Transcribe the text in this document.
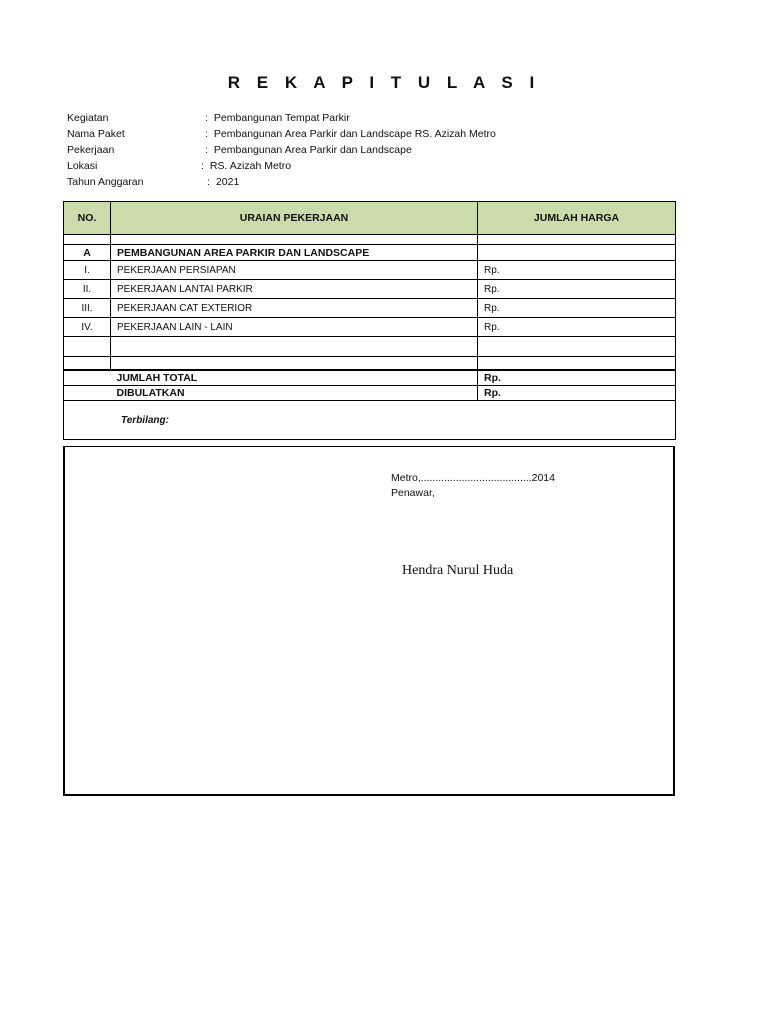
R E K A P I T U L A S I
Kegiatan	: Pembangunan Tempat Parkir
Nama Paket	: Pembangunan Area Parkir dan Landscape RS. Azizah Metro
Pekerjaan	: Pembangunan Area Parkir dan Landscape
Lokasi	: RS. Azizah Metro
Tahun Anggaran	: 2021
NO.	URAIAN PEKERJAAN	JUMLAH HARGA

A	PEMBANGUNAN AREA PARKIR DAN LANDSCAPE	
I.	PEKERJAAN PERSIAPAN	Rp.
II.	PEKERJAAN LANTAI PARKIR	Rp.
III.	PEKERJAAN CAT EXTERIOR	Rp.
IV.	PEKERJAAN LAIN - LAIN	Rp.

	JUMLAH TOTAL	Rp.
	DIBULATKAN	Rp.
Terbilang:		
Metro,......................................2014
Penawar,
Hendra Nurul Huda
